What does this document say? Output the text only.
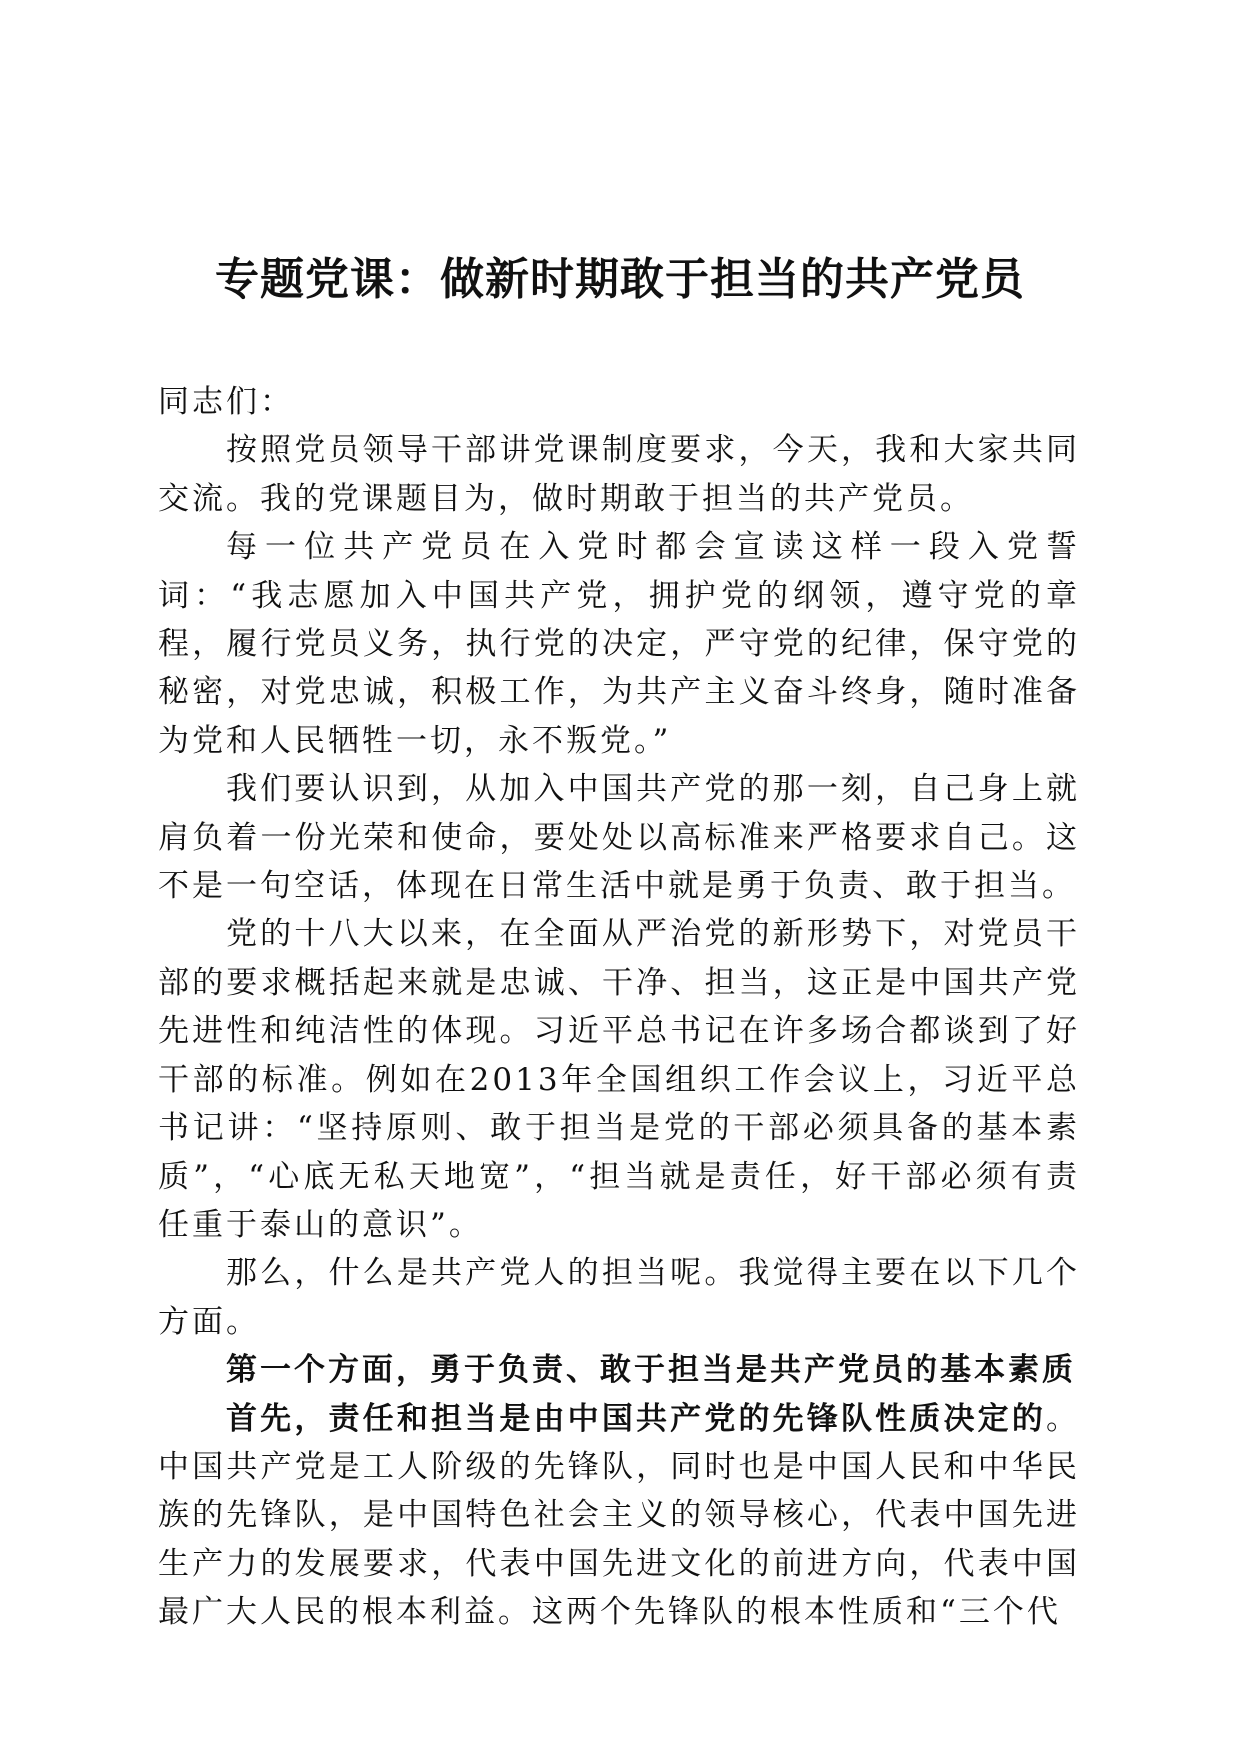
专题党课：做新时期敢于担当的共产党员

同志们：

按照党员领导干部讲党课制度要求，今天，我和大家共同交流。我的党课题目为，做时期敢于担当的共产党员。

每一位共产党员在入党时都会宣读这样一段入党誓词：“我志愿加入中国共产党，拥护党的纲领，遵守党的章程，履行党员义务，执行党的决定，严守党的纪律，保守党的秘密，对党忠诚，积极工作，为共产主义奋斗终身，随时准备为党和人民牺牲一切，永不叛党。”

我们要认识到，从加入中国共产党的那一刻，自己身上就肩负着一份光荣和使命，要处处以高标准来严格要求自己。这不是一句空话，体现在日常生活中就是勇于负责、敢于担当。

党的十八大以来，在全面从严治党的新形势下，对党员干部的要求概括起来就是忠诚、干净、担当，这正是中国共产党先进性和纯洁性的体现。习近平总书记在许多场合都谈到了好干部的标准。例如在2013年全国组织工作会议上，习近平总书记讲：“坚持原则、敢于担当是党的干部必须具备的基本素质”，“心底无私天地宽”，“担当就是责任，好干部必须有责任重于泰山的意识”。

那么，什么是共产党人的担当呢。我觉得主要在以下几个方面。

第一个方面，勇于负责、敢于担当是共产党员的基本素质

首先，责任和担当是由中国共产党的先锋队性质决定的。中国共产党是工人阶级的先锋队，同时也是中国人民和中华民族的先锋队，是中国特色社会主义的领导核心，代表中国先进生产力的发展要求，代表中国先进文化的前进方向，代表中国最广大人民的根本利益。这两个先锋队的根本性质和“三个代
